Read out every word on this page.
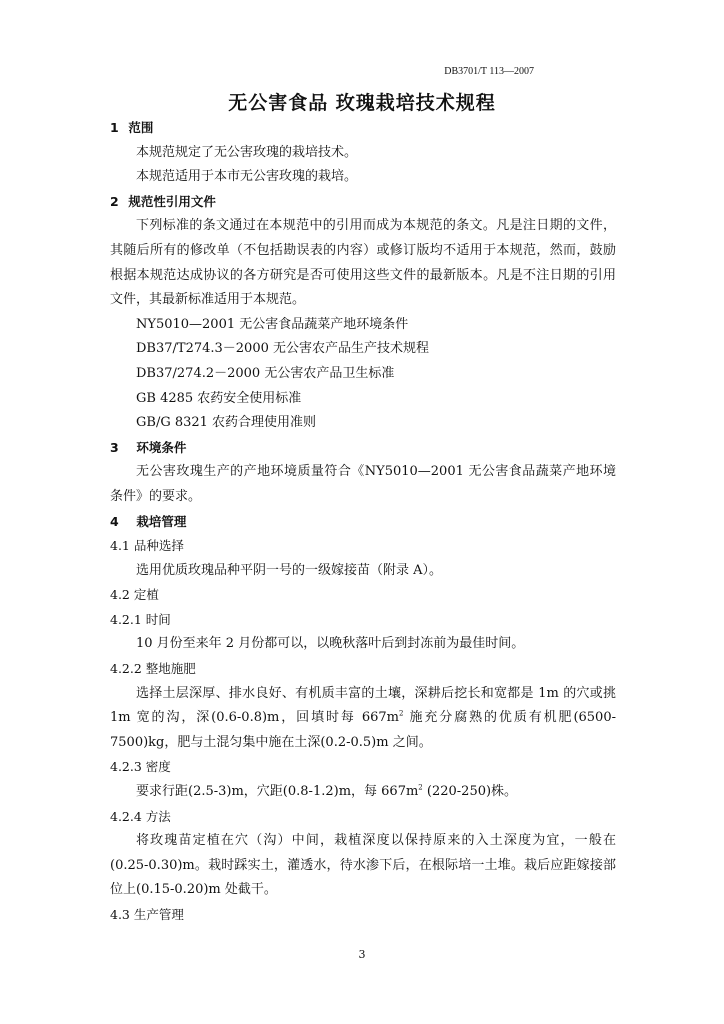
DB3701/T 113—2007
无公害食品 玫瑰栽培技术规程
1 范围
本规范规定了无公害玫瑰的栽培技术。
本规范适用于本市无公害玫瑰的栽培。
2 规范性引用文件
下列标准的条文通过在本规范中的引用而成为本规范的条文。凡是注日期的文件，其随后所有的修改单（不包括勘误表的内容）或修订版均不适用于本规范，然而，鼓励根据本规范达成协议的各方研究是否可使用这些文件的最新版本。凡是不注日期的引用文件，其最新标准适用于本规范。
NY5010—2001 无公害食品蔬菜产地环境条件
DB37/T274.3－2000 无公害农产品生产技术规程
DB37/274.2－2000 无公害农产品卫生标准
GB 4285 农药安全使用标准
GB/G 8321 农药合理使用准则
3 环境条件
无公害玫瑰生产的产地环境质量符合《NY5010—2001 无公害食品蔬菜产地环境条件》的要求。
4 栽培管理
4.1 品种选择
选用优质玫瑰品种平阴一号的一级嫁接苗（附录 A）。
4.2 定植
4.2.1 时间
10 月份至来年 2 月份都可以，以晚秋落叶后到封冻前为最佳时间。
4.2.2 整地施肥
选择土层深厚、排水良好、有机质丰富的土壤，深耕后挖长和宽都是 1m 的穴或挑 1m 宽的沟，深(0.6-0.8)m，回填时每 $667m^2$ 施充分腐熟的优质有机肥(6500-7500)kg，肥与土混匀集中施在土深(0.2-0.5)m 之间。
4.2.3 密度
要求行距(2.5-3)m，穴距(0.8-1.2)m，每 $667m^2$ (220-250)株。
4.2.4 方法
将玫瑰苗定植在穴（沟）中间，栽植深度以保持原来的入土深度为宜，一般在(0.25-0.30)m。栽时踩实土，灌透水，待水渗下后，在根际培一土堆。栽后应距嫁接部位上(0.15-0.20)m 处截干。
4.3 生产管理
3
